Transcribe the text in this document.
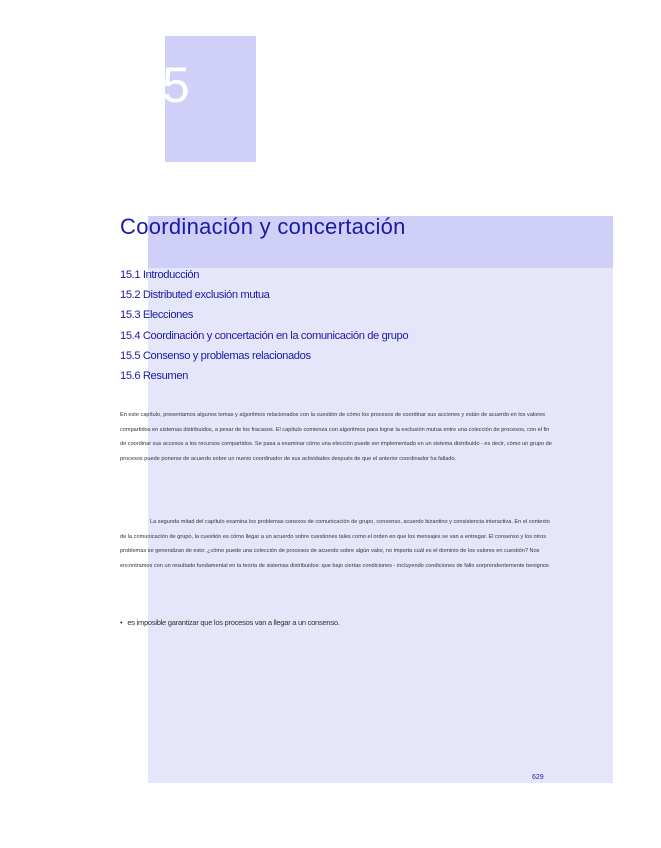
5
Coordinación y concertación
15.1 Introducción
15.2 Distributed exclusión mutua
15.3 Elecciones
15.4 Coordinación y concertación en la comunicación de grupo
15.5 Consenso y problemas relacionados
15.6 Resumen

En este capítulo, presentamos algunos temas y algoritmos relacionados con la cuestión de cómo los procesos de coordinar sus acciones y están de acuerdo en los valores compartidos en sistemas distribuidos, a pesar de los fracasos. El capítulo comienza con algoritmos para lograr la exclusión mutua entre una colección de procesos, con el fin de coordinar sus accesos a los recursos compartidos. Se pasa a examinar cómo una elección puede ser implementado en un sistema distribuido - es decir, cómo un grupo de procesos puede ponerse de acuerdo sobre un nuevo coordinador de sus actividades después de que el anterior coordinador ha fallado.

La segunda mitad del capítulo examina los problemas conexos de comunicación de grupo, consenso, acuerdo bizantino y consistencia interactiva. En el contexto de la comunicación de grupo, la cuestión es cómo llegar a un acuerdo sobre cuestiones tales como el orden en que los mensajes se van a entregar. El consenso y los otros problemas se generalizan de esto: ¿cómo puede una colección de procesos de acuerdo sobre algún valor, no importa cuál es el dominio de los valores en cuestión? Nos encontramos con un resultado fundamental en la teoría de sistemas distribuidos: que bajo ciertas condiciones - incluyendo condiciones de fallo sorprendentemente benignos

• es imposible garantizar que los procesos van a llegar a un consenso.
629
